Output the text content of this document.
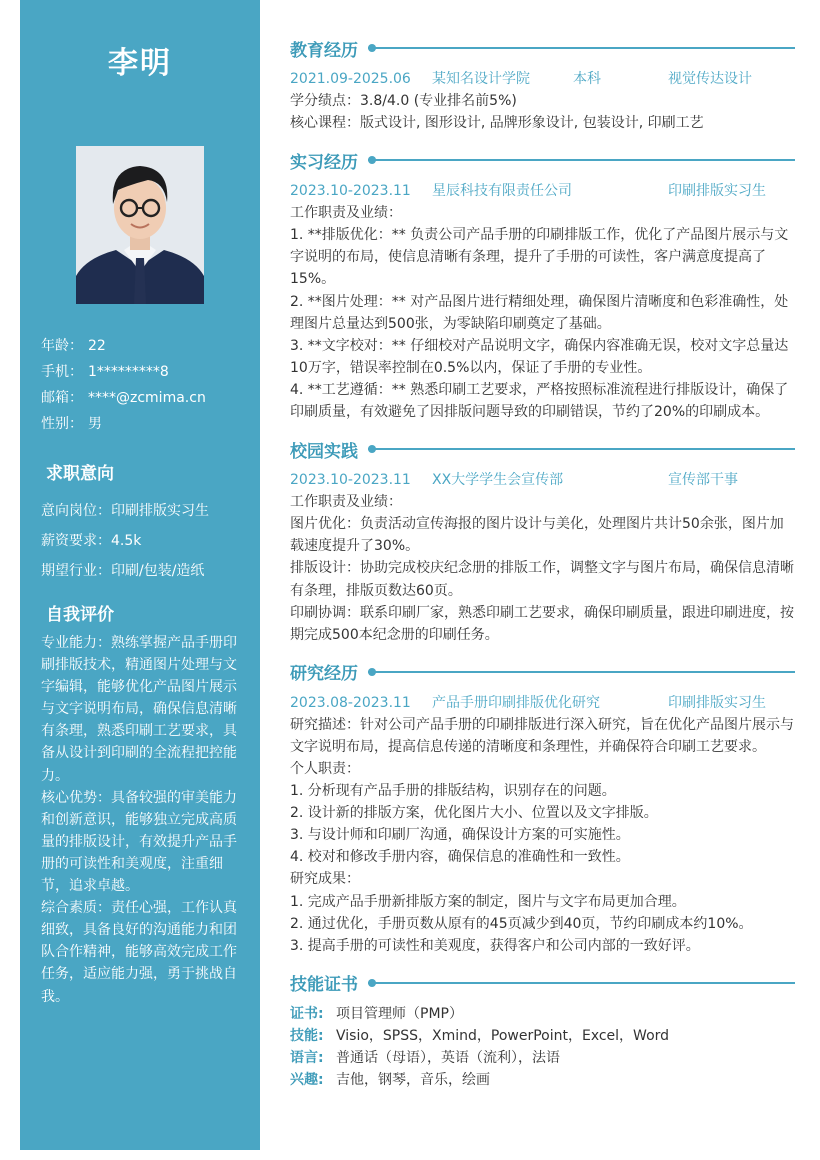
李明
年龄： 22
手机： 1*********8
邮箱： ****@zcmima.cn
性别： 男
求职意向
意向岗位：印刷排版实习生
薪资要求：4.5k
期望行业：印刷/包装/造纸
自我评价

专业能力：熟练掌握产品手册印刷排版技术，精通图片处理与文字编辑，能够优化产品图片展示与文字说明布局，确保信息清晰有条理，熟悉印刷工艺要求，具备从设计到印刷的全流程把控能力。

核心优势：具备较强的审美能力和创新意识，能够独立完成高质量的排版设计，有效提升产品手册的可读性和美观度，注重细节，追求卓越。

综合素质：责任心强，工作认真细致，具备良好的沟通能力和团队合作精神，能够高效完成工作任务，适应能力强，勇于挑战自我。

教育经历
2021.09-2025.06 某知名设计学院	本科	视觉传达设计

学分绩点：3.8/4.0 (专业排名前5%)

核心课程：版式设计, 图形设计, 品牌形象设计, 包装设计, 印刷工艺

实习经历
2023.10-2023.11 星辰科技有限责任公司	印刷排版实习生

工作职责及业绩：

1. **排版优化：** 负责公司产品手册的印刷排版工作，优化了产品图片展示与文字说明的布局，使信息清晰有条理，提升了手册的可读性，客户满意度提高了15%。

2. **图片处理：** 对产品图片进行精细处理，确保图片清晰度和色彩准确性，处理图片总量达到500张，为零缺陷印刷奠定了基础。

3. **文字校对：** 仔细校对产品说明文字，确保内容准确无误，校对文字总量达10万字，错误率控制在0.5%以内，保证了手册的专业性。

4. **工艺遵循：** 熟悉印刷工艺要求，严格按照标准流程进行排版设计，确保了印刷质量，有效避免了因排版问题导致的印刷错误，节约了20%的印刷成本。

校园实践
2023.10-2023.11 XX大学学生会宣传部	宣传部干事

工作职责及业绩：

图片优化：负责活动宣传海报的图片设计与美化，处理图片共计50余张，图片加载速度提升了30%。

排版设计：协助完成校庆纪念册的排版工作，调整文字与图片布局，确保信息清晰有条理，排版页数达60页。

印刷协调：联系印刷厂家，熟悉印刷工艺要求，确保印刷质量，跟进印刷进度，按期完成500本纪念册的印刷任务。

研究经历
2023.08-2023.11 产品手册印刷排版优化研究	印刷排版实习生

研究描述：针对公司产品手册的印刷排版进行深入研究，旨在优化产品图片展示与文字说明布局，提高信息传递的清晰度和条理性，并确保符合印刷工艺要求。

个人职责：

1. 分析现有产品手册的排版结构，识别存在的问题。

2. 设计新的排版方案，优化图片大小、位置以及文字排版。

3. 与设计师和印刷厂沟通，确保设计方案的可实施性。

4. 校对和修改手册内容，确保信息的准确性和一致性。

研究成果：

1. 完成产品手册新排版方案的制定，图片与文字布局更加合理。

2. 通过优化，手册页数从原有的45页减少到40页，节约印刷成本约10%。

3. 提高手册的可读性和美观度，获得客户和公司内部的一致好评。

技能证书
证书: 项目管理师（PMP）
技能: Visio，SPSS，Xmind，PowerPoint，Excel，Word
语言: 普通话（母语），英语（流利），法语
兴趣: 吉他，钢琴，音乐，绘画
